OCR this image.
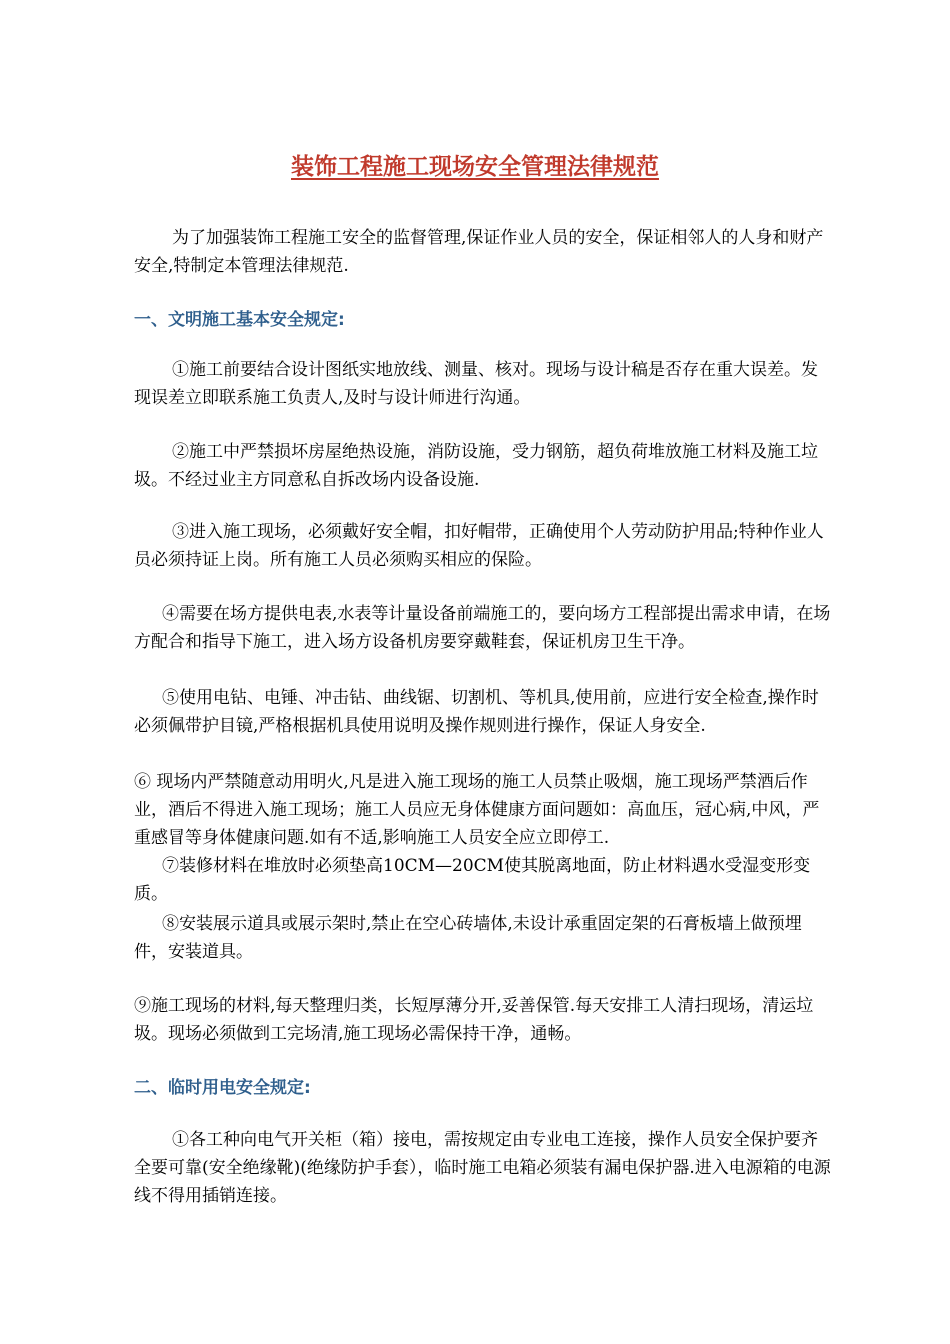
装饰工程施工现场安全管理法律规范

为了加强装饰工程施工安全的监督管理,保证作业人员的安全，保证相邻人的人身和财产安全,特制定本管理法律规范.

一、文明施工基本安全规定:

①施工前要结合设计图纸实地放线、测量、核对。现场与设计稿是否存在重大误差。发现误差立即联系施工负责人,及时与设计师进行沟通。

②施工中严禁损坏房屋绝热设施，消防设施，受力钢筋，超负荷堆放施工材料及施工垃圾。不经过业主方同意私自拆改场内设备设施.

③进入施工现场，必须戴好安全帽，扣好帽带，正确使用个人劳动防护用品;特种作业人员必须持证上岗。所有施工人员必须购买相应的保险。

④需要在场方提供电表,水表等计量设备前端施工的，要向场方工程部提出需求申请，在场方配合和指导下施工，进入场方设备机房要穿戴鞋套，保证机房卫生干净。

⑤使用电钻、电锤、冲击钻、曲线锯、切割机、等机具,使用前，应进行安全检查,操作时必须佩带护目镜,严格根据机具使用说明及操作规则进行操作，保证人身安全.

⑥ 现场内严禁随意动用明火,凡是进入施工现场的施工人员禁止吸烟，施工现场严禁酒后作业，酒后不得进入施工现场；施工人员应无身体健康方面问题如：高血压，冠心病,中风，严重感冒等身体健康问题.如有不适,影响施工人员安全应立即停工.

⑦装修材料在堆放时必须垫高10CM—20CM使其脱离地面，防止材料遇水受湿变形变质。

⑧安装展示道具或展示架时,禁止在空心砖墙体,未设计承重固定架的石膏板墙上做预埋件，安装道具。

⑨施工现场的材料,每天整理归类，长短厚薄分开,妥善保管.每天安排工人清扫现场，清运垃圾。现场必须做到工完场清,施工现场必需保持干净，通畅。

二、临时用电安全规定:

①各工种向电气开关柜（箱）接电，需按规定由专业电工连接，操作人员安全保护要齐全要可靠(安全绝缘靴)(绝缘防护手套），临时施工电箱必须装有漏电保护器.进入电源箱的电源线不得用插销连接。
